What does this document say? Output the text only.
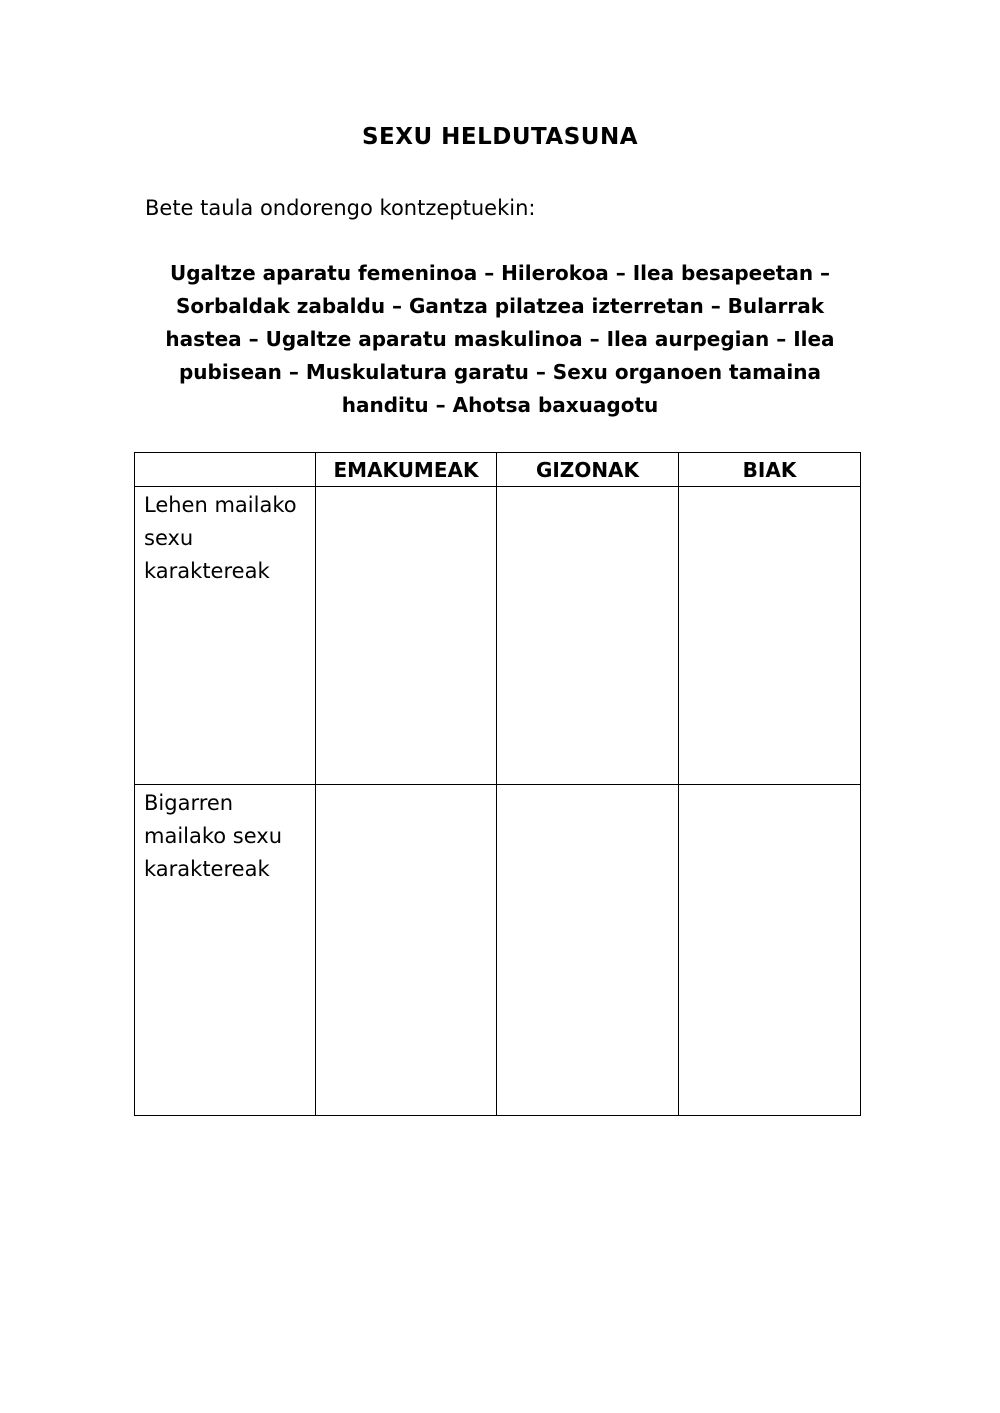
SEXU HELDUTASUNA
Bete taula ondorengo kontzeptuekin:
Ugaltze aparatu femeninoa – Hilerokoa – Ilea besapeetan – Sorbaldak zabaldu – Gantza pilatzea izterretan – Bularrak hastea – Ugaltze aparatu maskulinoa – Ilea aurpegian – Ilea pubisean – Muskulatura garatu – Sexu organoen tamaina handitu – Ahotsa baxuagotu
	EMAKUMEAK	GIZONAK	BIAK
Lehen mailako sexu karaktereak			
Bigarren mailako sexu karaktereak			
